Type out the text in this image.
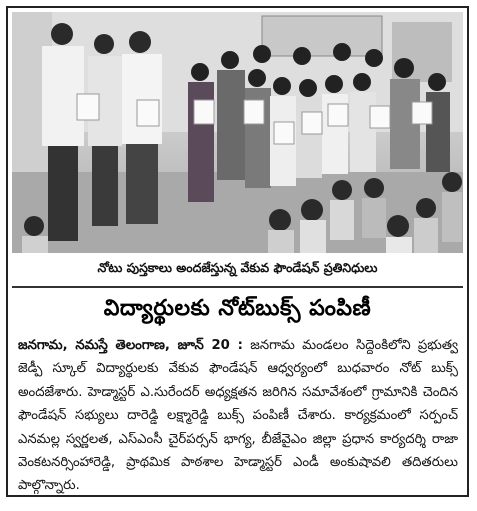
నోటు పుస్తకాలు అందజేస్తున్న వేకువ ఫౌండేషన్ ప్రతినిధులు
విద్యార్థులకు నోట్‌బుక్స్ పంపిణీ
జనగామ, నమస్తే తెలంగాణ, జూన్ 20 : జనగామ మండలం సిద్దెంకిలోని ప్రభుత్వ జెడ్పీ స్కూల్ విద్యార్థులకు వేకువ ఫౌండేషన్ ఆధ్వర్యంలో బుధవారం నోట్ బుక్స్ అందజేశారు. హెడ్మాస్టర్ ఎ.సురేందర్ అధ్యక్షతన జరిగిన సమావేశంలో గ్రామానికి చెందిన ఫౌండేషన్ సభ్యులు దారెడ్డి లక్ష్మారెడ్డి బుక్స్ పంపిణీ చేశారు. కార్యక్రమంలో సర్పంచ్ ఎనమల్ల స్వర్ణలత, ఎస్‌ఎంసీ చైర్‌పర్సన్ భాగ్య, బీజేవైఎం జిల్లా ప్రధాన కార్యదర్శి రాజా వెంకటనర్సింహారెడ్డి, ప్రాథమిక పాఠశాల హెడ్మాస్టర్ ఎండీ అంకుషావలి తదితరులు పాల్గొన్నారు.
